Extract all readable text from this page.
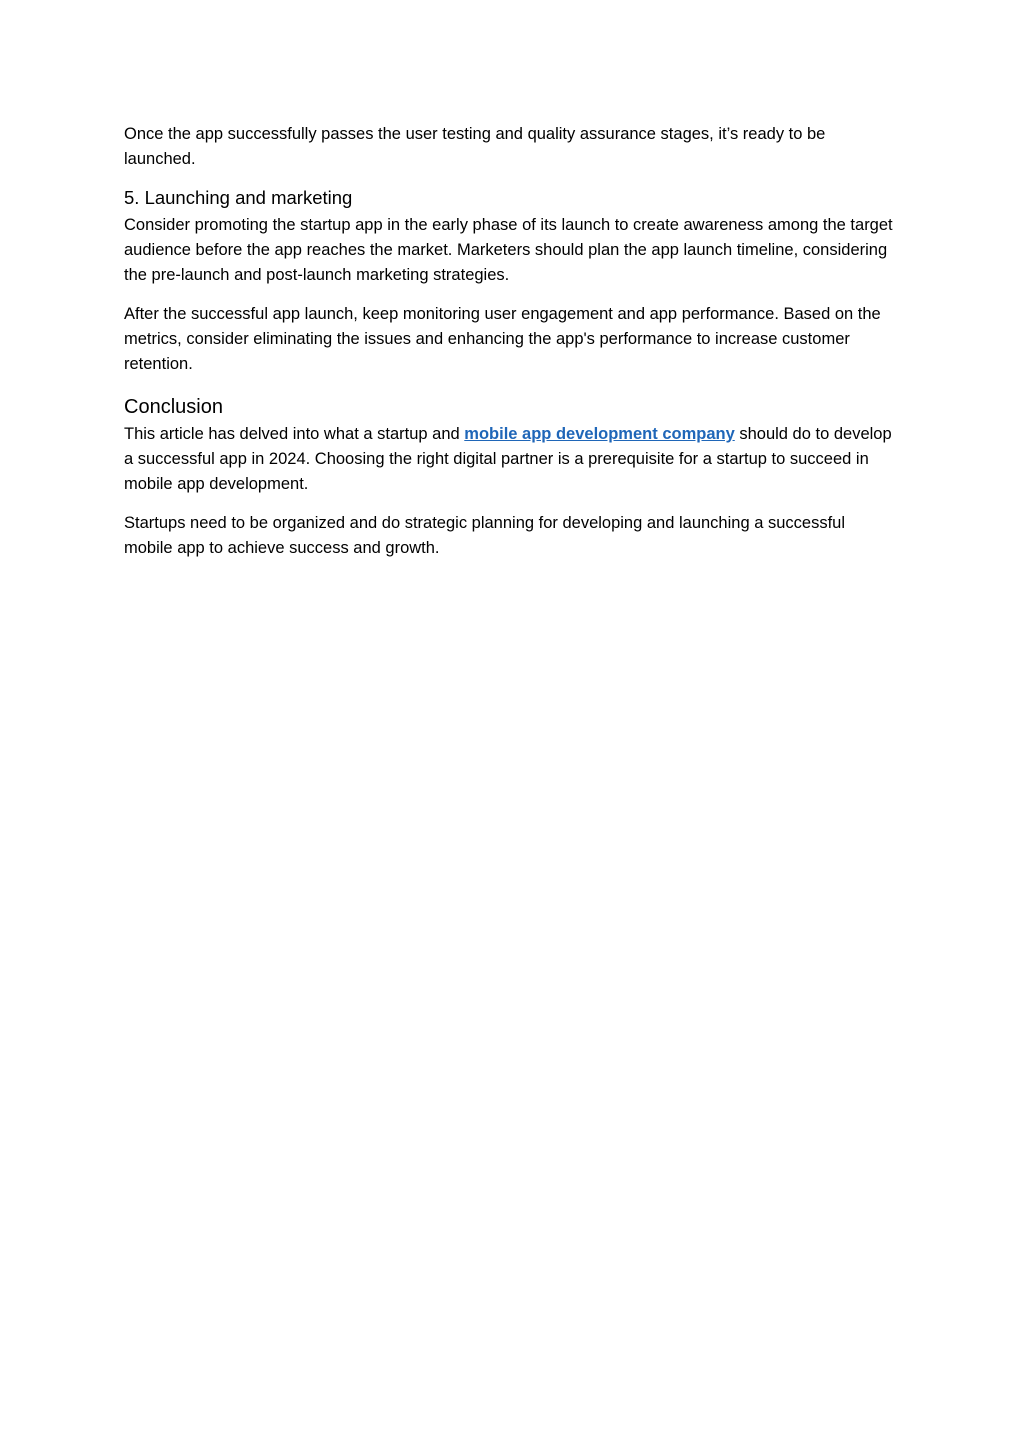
Once the app successfully passes the user testing and quality assurance stages, it’s ready to be launched.

5. Launching and marketing

Consider promoting the startup app in the early phase of its launch to create awareness among the target audience before the app reaches the market. Marketers should plan the app launch timeline, considering the pre-launch and post-launch marketing strategies.

After the successful app launch, keep monitoring user engagement and app performance. Based on the metrics, consider eliminating the issues and enhancing the app's performance to increase customer retention.

Conclusion

This article has delved into what a startup and mobile app development company should do to develop a successful app in 2024. Choosing the right digital partner is a prerequisite for a startup to succeed in mobile app development.

Startups need to be organized and do strategic planning for developing and launching a successful mobile app to achieve success and growth.
